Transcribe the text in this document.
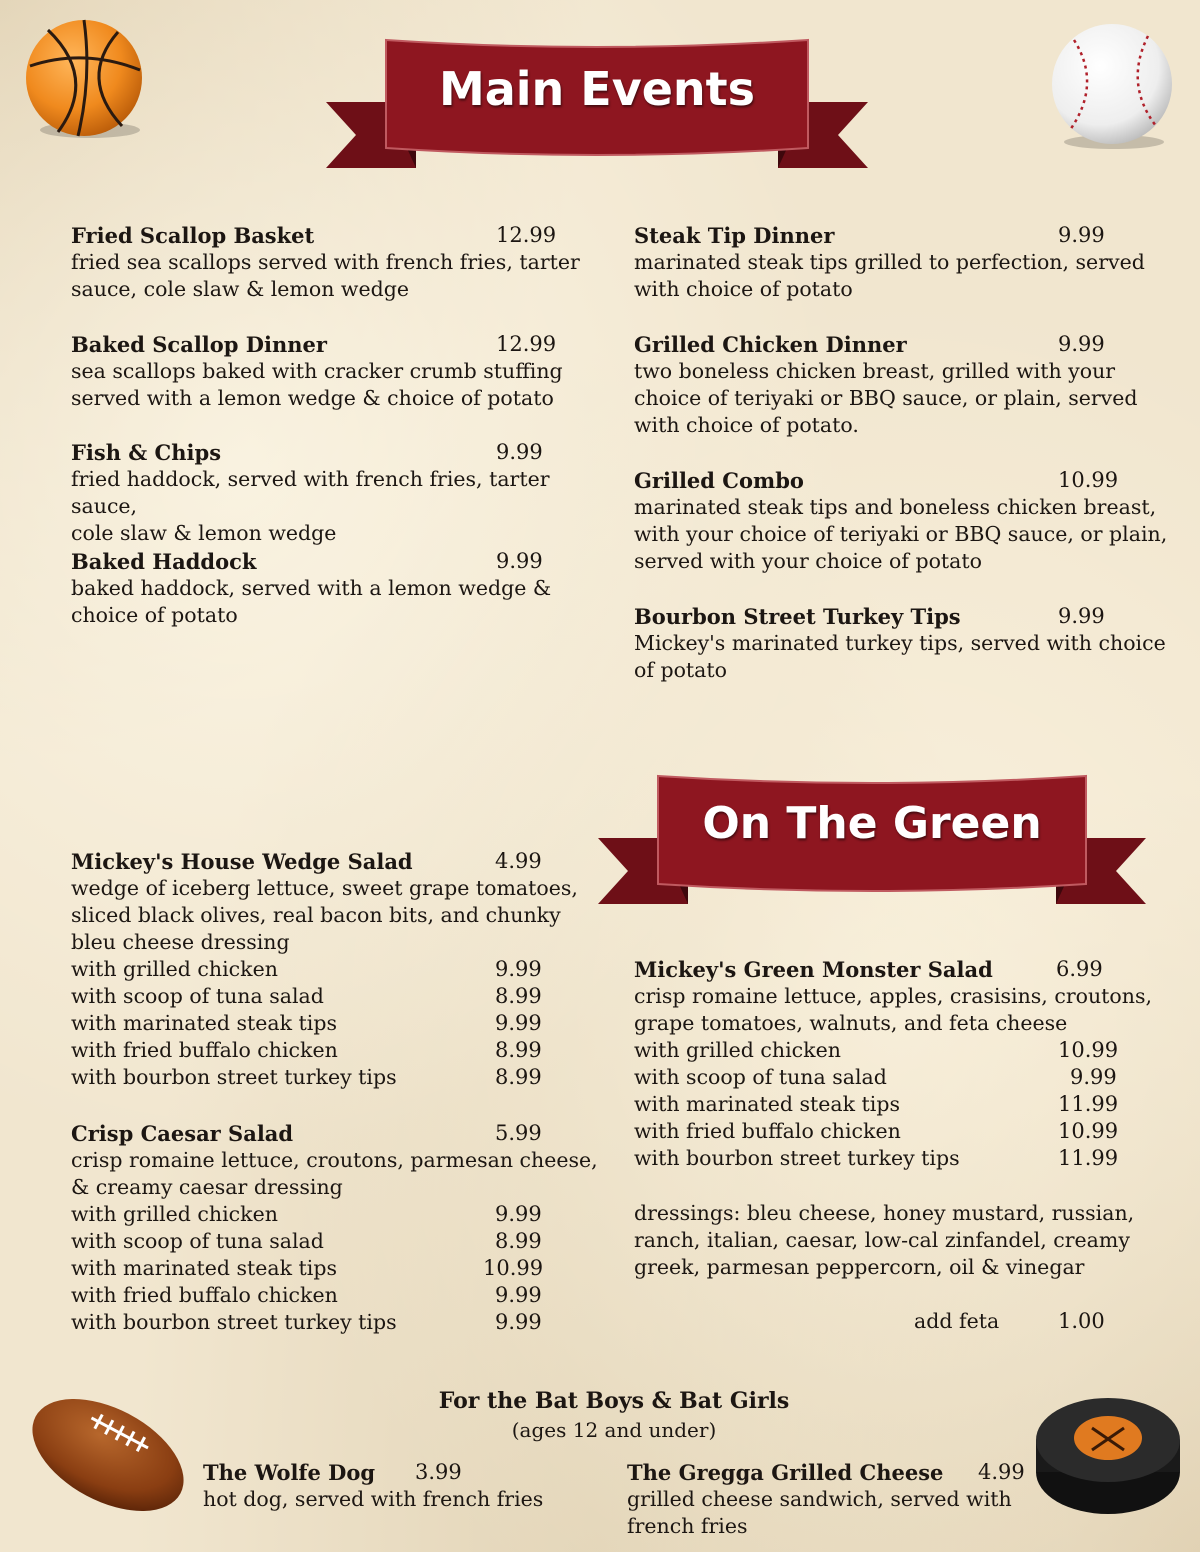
Main Events
On The Green
Fried Scallop Basket	12.99
fried sea scallops served with french fries, tarter
sauce, cole slaw & lemon wedge
Baked Scallop Dinner	12.99
sea scallops baked with cracker crumb stuffing
served with a lemon wedge & choice of potato
Fish & Chips	9.99
fried haddock, served with french fries, tarter sauce,
cole slaw & lemon wedge
Baked Haddock	9.99
baked haddock, served with a lemon wedge &
choice of potato
Steak Tip Dinner	9.99
marinated steak tips grilled to perfection, served
with choice of potato
Grilled Chicken Dinner	9.99
two boneless chicken breast, grilled with your
choice of teriyaki or BBQ sauce, or plain, served
with choice of potato.
Grilled Combo	10.99
marinated steak tips and boneless chicken breast,
with your choice of teriyaki or BBQ sauce, or plain,
served with your choice of potato
Bourbon Street Turkey Tips	9.99
Mickey's marinated turkey tips, served with choice
of potato
Mickey's House Wedge Salad	4.99
wedge of iceberg lettuce, sweet grape tomatoes,
sliced black olives, real bacon bits, and chunky
bleu cheese dressing
with grilled chicken	9.99
with scoop of tuna salad	8.99
with marinated steak tips	9.99
with fried buffalo chicken	8.99
with bourbon street turkey tips	8.99
Crisp Caesar Salad	5.99
crisp romaine lettuce, croutons, parmesan cheese,
& creamy caesar dressing
with grilled chicken	9.99
with scoop of tuna salad	8.99
with marinated steak tips	10.99
with fried buffalo chicken	9.99
with bourbon street turkey tips	9.99
Mickey's Green Monster Salad	6.99
crisp romaine lettuce, apples, crasisins, croutons,
grape tomatoes, walnuts, and feta cheese
with grilled chicken	10.99
with scoop of tuna salad	9.99
with marinated steak tips	11.99
with fried buffalo chicken	10.99
with bourbon street turkey tips	11.99
dressings: bleu cheese, honey mustard, russian,
ranch, italian, caesar, low-cal zinfandel, creamy
greek, parmesan peppercorn, oil & vinegar
add feta	1.00
For the Bat Boys & Bat Girls
(ages 12 and under)
The Wolfe Dog 3.99
hot dog, served with french fries
The Gregga Grilled Cheese 4.99
grilled cheese sandwich, served with
french fries
